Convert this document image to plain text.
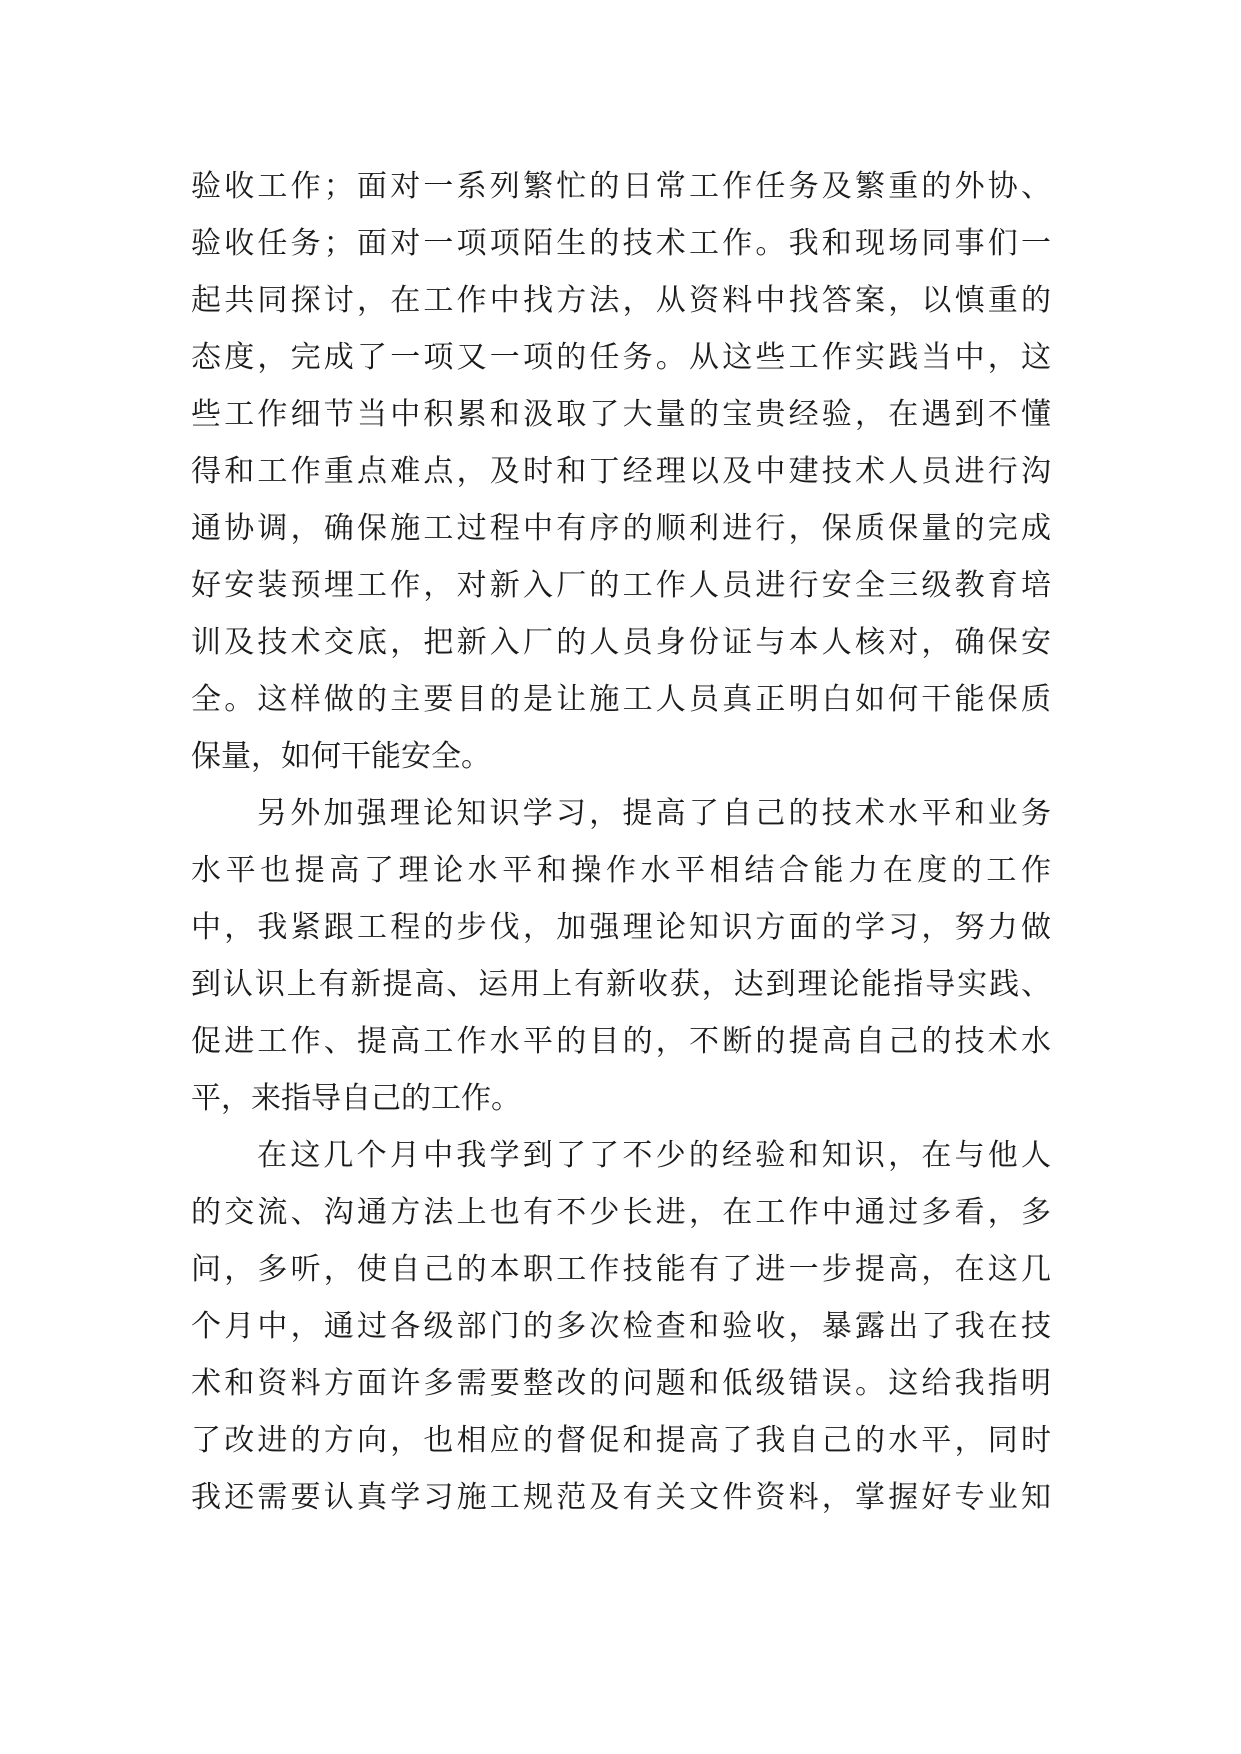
验收工作；面对一系列繁忙的日常工作任务及繁重的外协、
验收任务；面对一项项陌生的技术工作。我和现场同事们一
起共同探讨，在工作中找方法，从资料中找答案，以慎重的
态度，完成了一项又一项的任务。从这些工作实践当中，这
些工作细节当中积累和汲取了大量的宝贵经验，在遇到不懂
得和工作重点难点，及时和丁经理以及中建技术人员进行沟
通协调，确保施工过程中有序的顺利进行，保质保量的完成
好安装预埋工作，对新入厂的工作人员进行安全三级教育培
训及技术交底，把新入厂的人员身份证与本人核对，确保安
全。这样做的主要目的是让施工人员真正明白如何干能保质
保量，如何干能安全。
另外加强理论知识学习，提高了自己的技术水平和业务
水平也提高了理论水平和操作水平相结合能力在度的工作
中，我紧跟工程的步伐，加强理论知识方面的学习，努力做
到认识上有新提高、运用上有新收获，达到理论能指导实践、
促进工作、提高工作水平的目的，不断的提高自己的技术水
平，来指导自己的工作。
在这几个月中我学到了了不少的经验和知识，在与他人
的交流、沟通方法上也有不少长进，在工作中通过多看，多
问，多听，使自己的本职工作技能有了进一步提高，在这几
个月中，通过各级部门的多次检查和验收，暴露出了我在技
术和资料方面许多需要整改的问题和低级错误。这给我指明
了改进的方向，也相应的督促和提高了我自己的水平，同时
我还需要认真学习施工规范及有关文件资料，掌握好专业知
